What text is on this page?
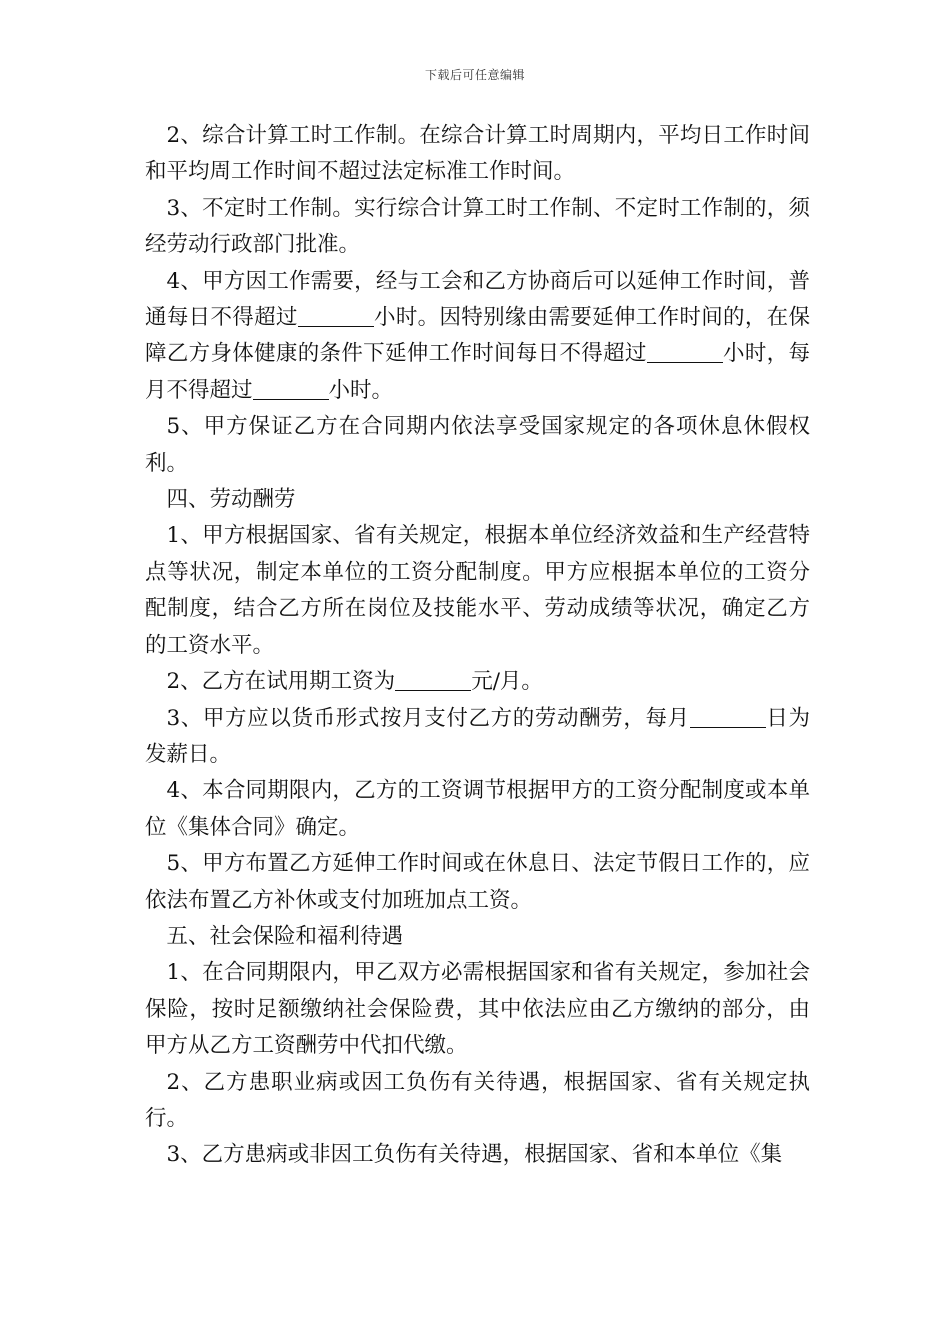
下载后可任意编辑

2、综合计算工时工作制。在综合计算工时周期内，平均日工作时间和平均周工作时间不超过法定标准工作时间。

3、不定时工作制。实行综合计算工时工作制、不定时工作制的，须经劳动行政部门批准。

4、甲方因工作需要，经与工会和乙方协商后可以延伸工作时间，普通每日不得超过	小时。因特别缘由需要延伸工作时间的，在保障乙方身体健康的条件下延伸工作时间每日不得超过	小时，每月不得超过	小时。

5、甲方保证乙方在合同期内依法享受国家规定的各项休息休假权利。

四、劳动酬劳

1、甲方根据国家、省有关规定，根据本单位经济效益和生产经营特点等状况，制定本单位的工资分配制度。甲方应根据本单位的工资分配制度，结合乙方所在岗位及技能水平、劳动成绩等状况，确定乙方的工资水平。

2、乙方在试用期工资为	元/月。

3、甲方应以货币形式按月支付乙方的劳动酬劳，每月	日为发薪日。

4、本合同期限内，乙方的工资调节根据甲方的工资分配制度或本单位《集体合同》确定。

5、甲方布置乙方延伸工作时间或在休息日、法定节假日工作的，应依法布置乙方补休或支付加班加点工资。

五、社会保险和福利待遇

1、在合同期限内，甲乙双方必需根据国家和省有关规定，参加社会保险，按时足额缴纳社会保险费，其中依法应由乙方缴纳的部分，由甲方从乙方工资酬劳中代扣代缴。

2、乙方患职业病或因工负伤有关待遇，根据国家、省有关规定执行。

3、乙方患病或非因工负伤有关待遇，根据国家、省和本单位《集
